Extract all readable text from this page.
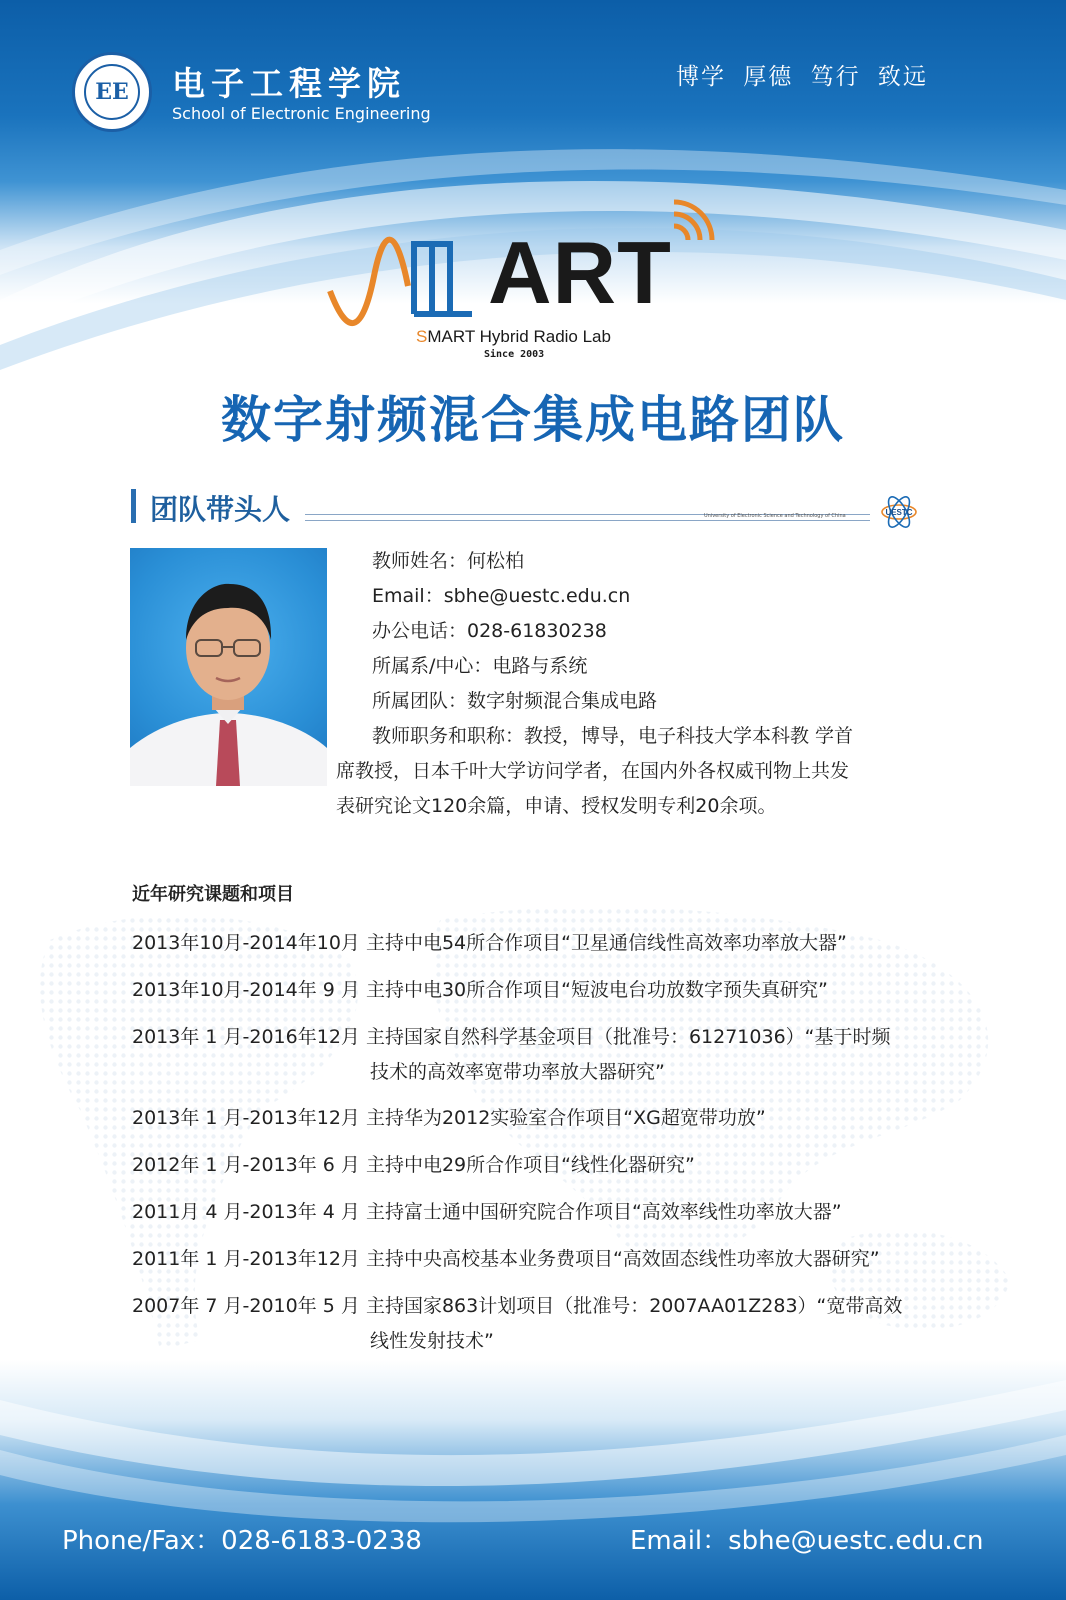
EE	电子工程学院
School of Electronic Engineering
博学 厚德 笃行 致远
ART
SMART Hybrid Radio Lab
Since 2003
数字射频混合集成电路团队
团队带头人	University of Electronic Science and Technology of China	UESTC
教师姓名：何松柏
Email：sbhe@uestc.edu.cn
办公电话：028-61830238
所属系/中心：电路与系统
所属团队：数字射频混合集成电路
教师职务和职称：教授，博导，电子科技大学本科教 学首
席教授，日本千叶大学访问学者，在国内外各权威刊物上共发
表研究论文120余篇，申请、授权发明专利20余项。
近年研究课题和项目
2013年10月-2014年10月 主持中电54所合作项目“卫星通信线性高效率功率放大器”
2013年10月-2014年 9 月 主持中电30所合作项目“短波电台功放数字预失真研究”
2013年 1 月-2016年12月 主持国家自然科学基金项目（批准号：61271036）“基于时频
技术的高效率宽带功率放大器研究”
2013年 1 月-2013年12月 主持华为2012实验室合作项目“XG超宽带功放”
2012年 1 月-2013年 6 月 主持中电29所合作项目“线性化器研究”
2011月 4 月-2013年 4 月 主持富士通中国研究院合作项目“高效率线性功率放大器”
2011年 1 月-2013年12月 主持中央高校基本业务费项目“高效固态线性功率放大器研究”
2007年 7 月-2010年 5 月 主持国家863计划项目（批准号：2007AA01Z283）“宽带高效
线性发射技术”
Phone/Fax：028-6183-0238	Email：sbhe@uestc.edu.cn
